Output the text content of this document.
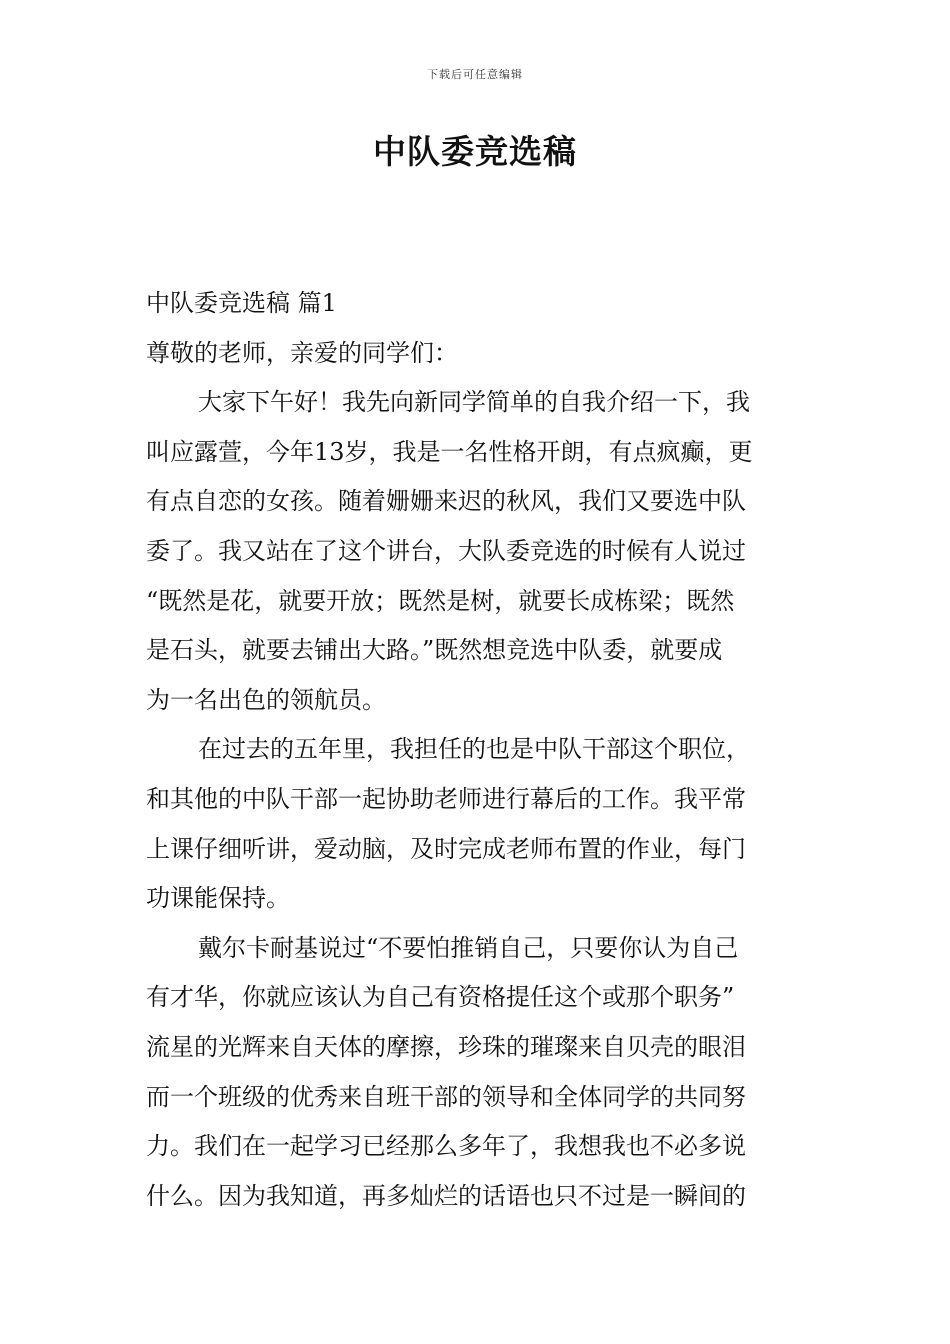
下载后可任意编辑
中队委竞选稿
中队委竞选稿 篇1
尊敬的老师，亲爱的同学们：
大家下午好！我先向新同学简单的自我介绍一下，我
叫应露萱，今年13岁，我是一名性格开朗，有点疯癫，更
有点自恋的女孩。随着姗姗来迟的秋风，我们又要选中队
委了。我又站在了这个讲台，大队委竞选的时候有人说过
“既然是花，就要开放；既然是树，就要长成栋梁；既然
是石头，就要去铺出大路。”既然想竞选中队委，就要成
为一名出色的领航员。
在过去的五年里，我担任的也是中队干部这个职位，
和其他的中队干部一起协助老师进行幕后的工作。我平常
上课仔细听讲，爱动脑，及时完成老师布置的作业，每门
功课能保持。
戴尔卡耐基说过“不要怕推销自己，只要你认为自己
有才华，你就应该认为自己有资格提任这个或那个职务”
流星的光辉来自天体的摩擦，珍珠的璀璨来自贝壳的眼泪
而一个班级的优秀来自班干部的领导和全体同学的共同努
力。我们在一起学习已经那么多年了，我想我也不必多说
什么。因为我知道，再多灿烂的话语也只不过是一瞬间的
